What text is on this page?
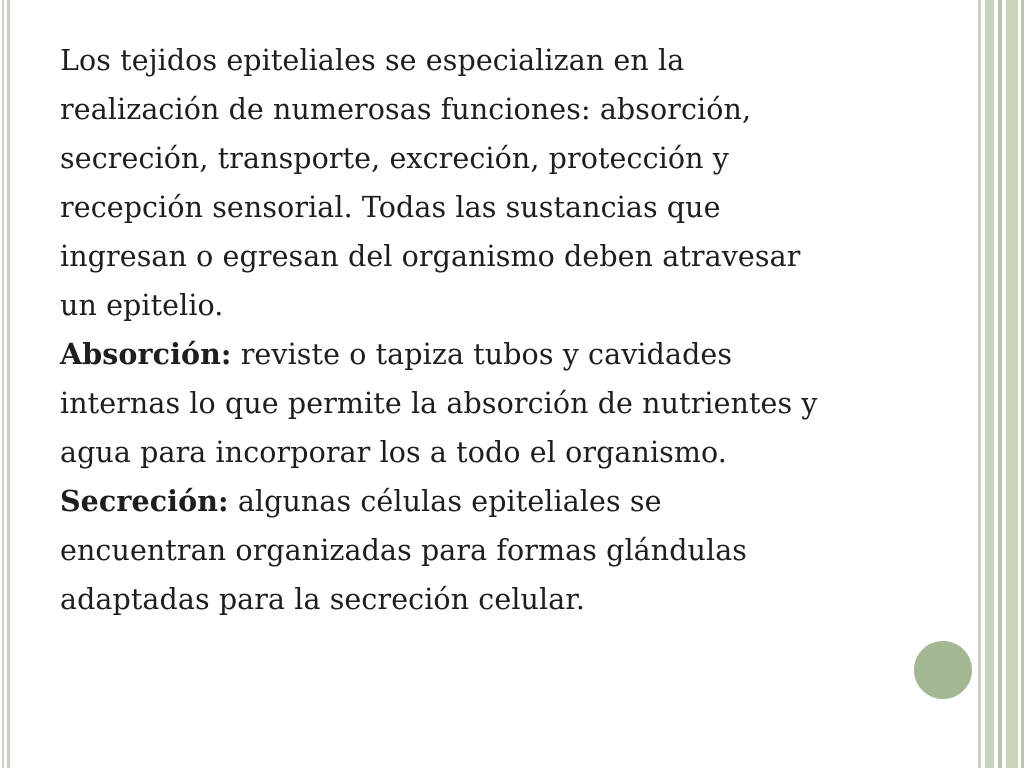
Los tejidos epiteliales se especializan en la
realización de numerosas funciones: absorción,
secreción, transporte, excreción, protección y
recepción sensorial. Todas las sustancias que
ingresan o egresan del organismo deben atravesar
un epitelio.
Absorción: reviste o tapiza tubos y cavidades
internas lo que permite la absorción de nutrientes y
agua para incorporar los a todo el organismo.
Secreción: algunas células epiteliales se
encuentran organizadas para formas glándulas
adaptadas para la secreción celular.
